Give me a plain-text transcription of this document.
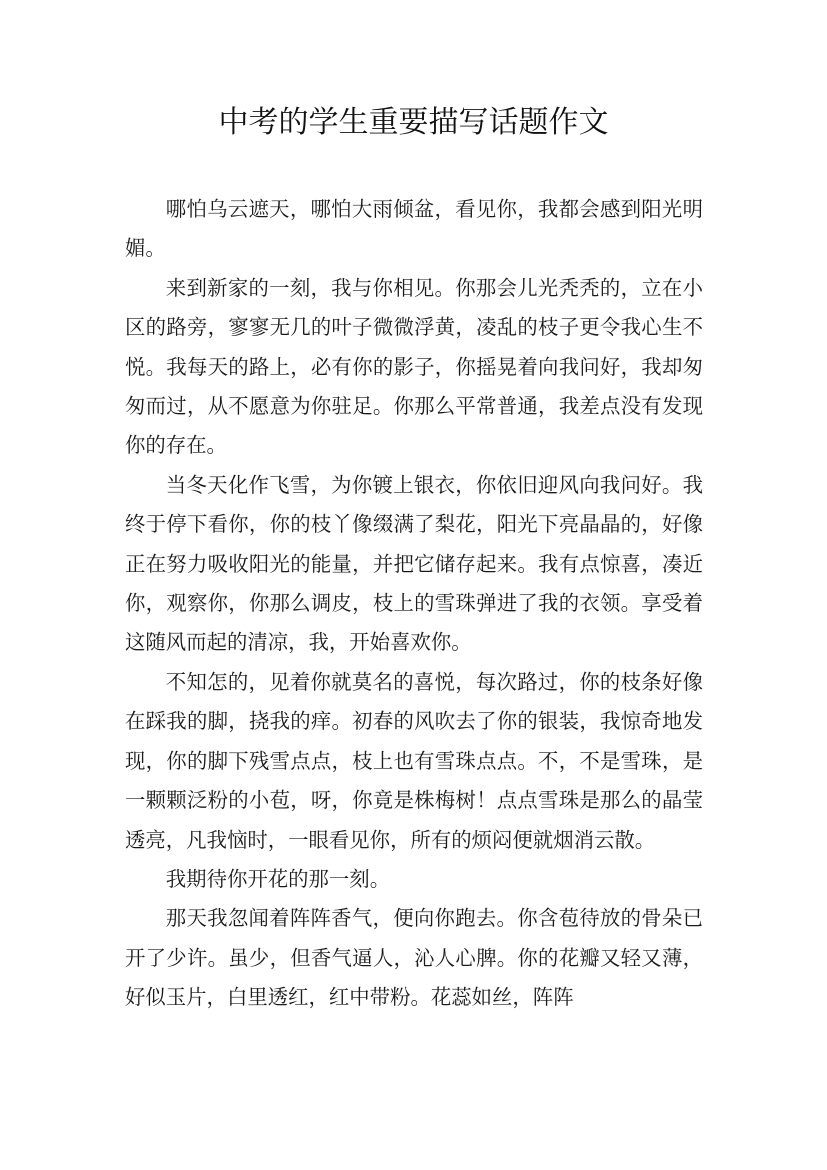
中考的学生重要描写话题作文

哪怕乌云遮天，哪怕大雨倾盆，看见你，我都会感到阳光明媚。

来到新家的一刻，我与你相见。你那会儿光秃秃的，立在小区的路旁，寥寥无几的叶子微微浮黄，凌乱的枝子更令我心生不悦。我每天的路上，必有你的影子，你摇晃着向我问好，我却匆匆而过，从不愿意为你驻足。你那么平常普通，我差点没有发现你的存在。

当冬天化作飞雪，为你镀上银衣，你依旧迎风向我问好。我终于停下看你，你的枝丫像缀满了梨花，阳光下亮晶晶的，好像正在努力吸收阳光的能量，并把它储存起来。我有点惊喜，凑近你，观察你，你那么调皮，枝上的雪珠弹进了我的衣领。享受着这随风而起的清凉，我，开始喜欢你。

不知怎的，见着你就莫名的喜悦，每次路过，你的枝条好像在踩我的脚，挠我的痒。初春的风吹去了你的银装，我惊奇地发现，你的脚下残雪点点，枝上也有雪珠点点。不，不是雪珠，是一颗颗泛粉的小苞，呀，你竟是株梅树！点点雪珠是那么的晶莹透亮，凡我恼时，一眼看见你，所有的烦闷便就烟消云散。

我期待你开花的那一刻。

那天我忽闻着阵阵香气，便向你跑去。你含苞待放的骨朵已开了少许。虽少，但香气逼人，沁人心脾。你的花瓣又轻又薄，好似玉片，白里透红，红中带粉。花蕊如丝，阵阵
